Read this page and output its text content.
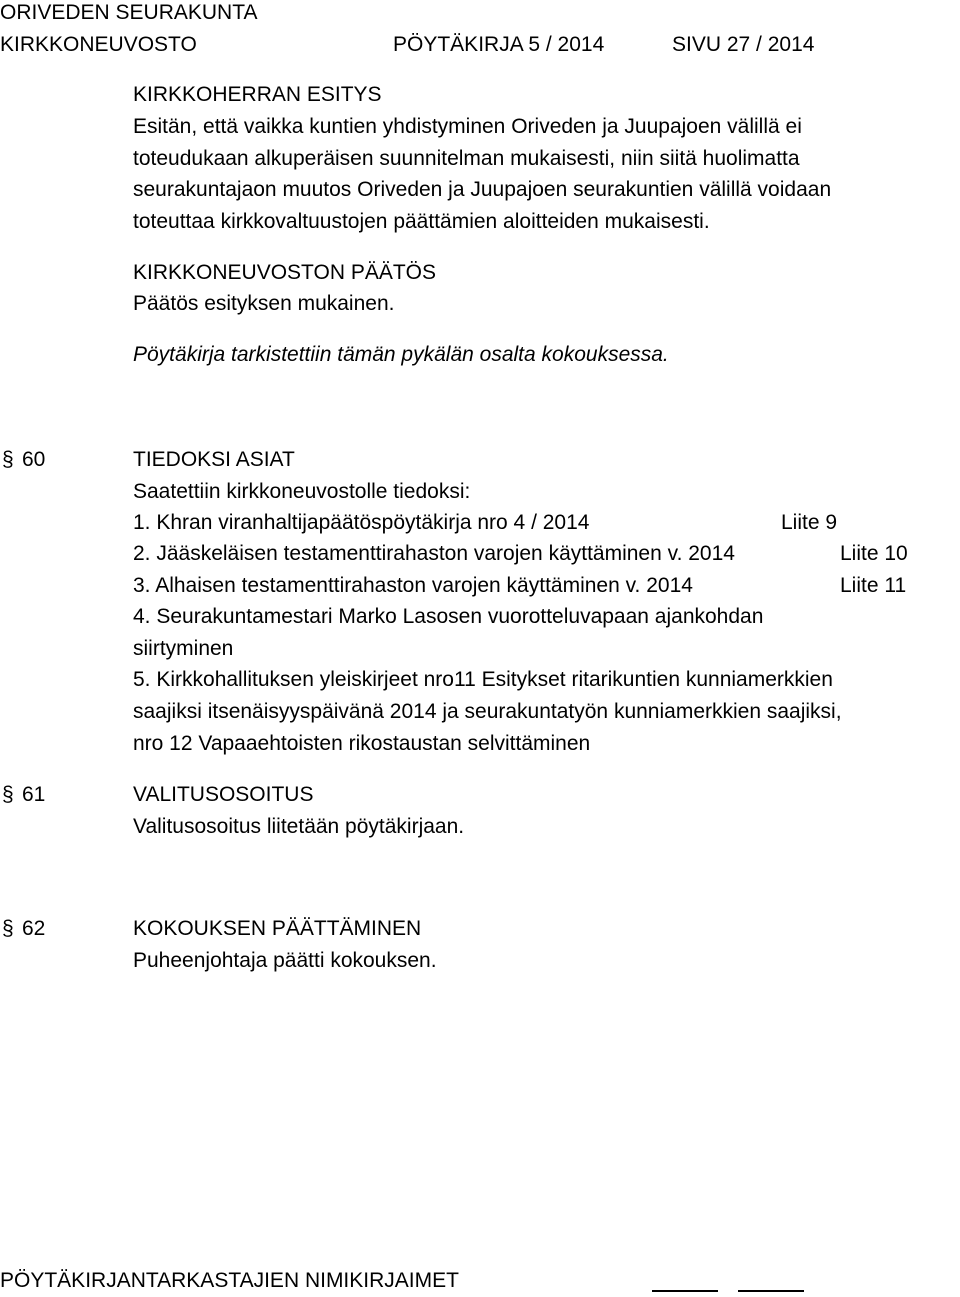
ORIVEDEN SEURAKUNTA
KIRKKONEUVOSTO	PÖYTÄKIRJA 5 / 2014	SIVU 27 / 2014
KIRKKOHERRAN ESITYS
Esitän, että vaikka kuntien yhdistyminen Oriveden ja Juupajoen välillä ei
toteudukaan alkuperäisen suunnitelman mukaisesti, niin siitä huolimatta
seurakuntajaon muutos Oriveden ja Juupajoen seurakuntien välillä voidaan
toteuttaa kirkkovaltuustojen päättämien aloitteiden mukaisesti.
KIRKKONEUVOSTON PÄÄTÖS
Päätös esityksen mukainen.
Pöytäkirja tarkistettiin tämän pykälän osalta kokouksessa.
§ 60	TIEDOKSI ASIAT
Saatettiin kirkkoneuvostolle tiedoksi:
1. Khran viranhaltijapäätöspöytäkirja nro 4 / 2014	Liite 9
2. Jääskeläisen testamenttirahaston varojen käyttäminen v. 2014	Liite 10
3. Alhaisen testamenttirahaston varojen käyttäminen v. 2014	Liite 11
4. Seurakuntamestari Marko Lasosen vuorotteluvapaan ajankohdan
siirtyminen
5. Kirkkohallituksen yleiskirjeet nro11 Esitykset ritarikuntien kunniamerkkien
saajiksi itsenäisyyspäivänä 2014 ja seurakuntatyön kunniamerkkien saajiksi,
nro 12 Vapaaehtoisten rikostaustan selvittäminen
§ 61	VALITUSOSOITUS
Valitusosoitus liitetään pöytäkirjaan.
§ 62	KOKOUKSEN PÄÄTTÄMINEN
Puheenjohtaja päätti kokouksen.
PÖYTÄKIRJANTARKASTAJIEN NIMIKIRJAIMET
